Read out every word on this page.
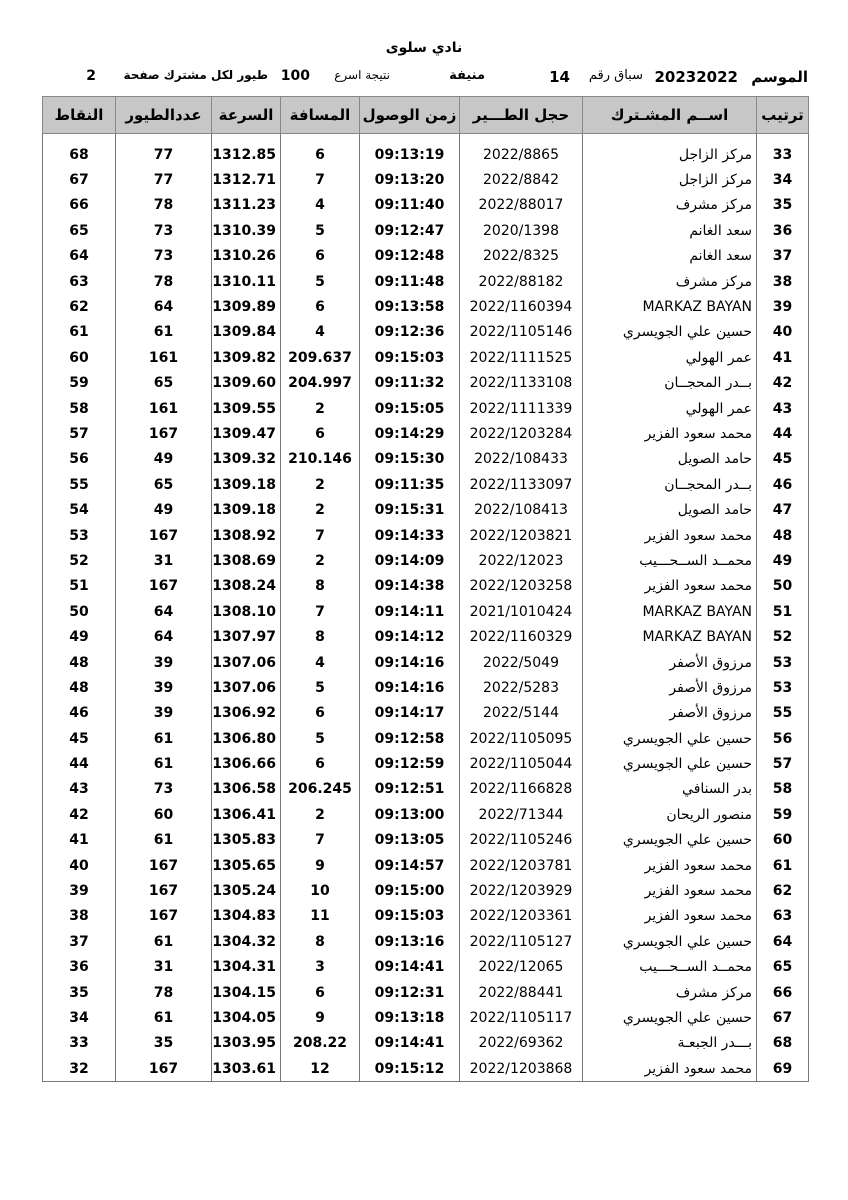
نادي سلوى
الموسم
20232022
سباق رقم
14
منيفة
نتيجة اسرع
100
طيور لكل مشترك صفحة
2
ترتيب	اســم المشـترك	حجل الطـــير	زمن الوصول	المسافة	السرعة	عددالطيور	النقاط

33	مركز الزاجل	2022/8865	09:13:19	6	1312.85	77	68
34	مركز الزاجل	2022/8842	09:13:20	7	1312.71	77	67
35	مركز مشرف	2022/88017	09:11:40	4	1311.23	78	66
36	سعد الغانم	2020/1398	09:12:47	5	1310.39	73	65
37	سعد الغانم	2022/8325	09:12:48	6	1310.26	73	64
38	مركز مشرف	2022/88182	09:11:48	5	1310.11	78	63
39	MARKAZ BAYAN	2022/1160394	09:13:58	6	1309.89	64	62
40	حسين علي الجويسري	2022/1105146	09:12:36	4	1309.84	61	61
41	عمر الهولي	2022/1111525	09:15:03	209.637	1309.82	161	60
42	بــدر المحجــان	2022/1133108	09:11:32	204.997	1309.60	65	59
43	عمر الهولي	2022/1111339	09:15:05	2	1309.55	161	58
44	محمد سعود الفزير	2022/1203284	09:14:29	6	1309.47	167	57
45	حامد الصويل	2022/108433	09:15:30	210.146	1309.32	49	56
46	بــدر المحجــان	2022/1133097	09:11:35	2	1309.18	65	55
47	حامد الصويل	2022/108413	09:15:31	2	1309.18	49	54
48	محمد سعود الفزير	2022/1203821	09:14:33	7	1308.92	167	53
49	محمــد الســحـــيب	2022/12023	09:14:09	2	1308.69	31	52
50	محمد سعود الفزير	2022/1203258	09:14:38	8	1308.24	167	51
51	MARKAZ BAYAN	2021/1010424	09:14:11	7	1308.10	64	50
52	MARKAZ BAYAN	2022/1160329	09:14:12	8	1307.97	64	49
53	مرزوق الأصفر	2022/5049	09:14:16	4	1307.06	39	48
53	مرزوق الأصفر	2022/5283	09:14:16	5	1307.06	39	48
55	مرزوق الأصفر	2022/5144	09:14:17	6	1306.92	39	46
56	حسين علي الجويسري	2022/1105095	09:12:58	5	1306.80	61	45
57	حسين علي الجويسري	2022/1105044	09:12:59	6	1306.66	61	44
58	بدر السنافي	2022/1166828	09:12:51	206.245	1306.58	73	43
59	منصور الريحان	2022/71344	09:13:00	2	1306.41	60	42
60	حسين علي الجويسري	2022/1105246	09:13:05	7	1305.83	61	41
61	محمد سعود الفزير	2022/1203781	09:14:57	9	1305.65	167	40
62	محمد سعود الفزير	2022/1203929	09:15:00	10	1305.24	167	39
63	محمد سعود الفزير	2022/1203361	09:15:03	11	1304.83	167	38
64	حسين علي الجويسري	2022/1105127	09:13:16	8	1304.32	61	37
65	محمــد الســحـــيب	2022/12065	09:14:41	3	1304.31	31	36
66	مركز مشرف	2022/88441	09:12:31	6	1304.15	78	35
67	حسين علي الجويسري	2022/1105117	09:13:18	9	1304.05	61	34
68	بـــدر الجبعـة	2022/69362	09:14:41	208.22	1303.95	35	33
69	محمد سعود الفزير	2022/1203868	09:15:12	12	1303.61	167	32
